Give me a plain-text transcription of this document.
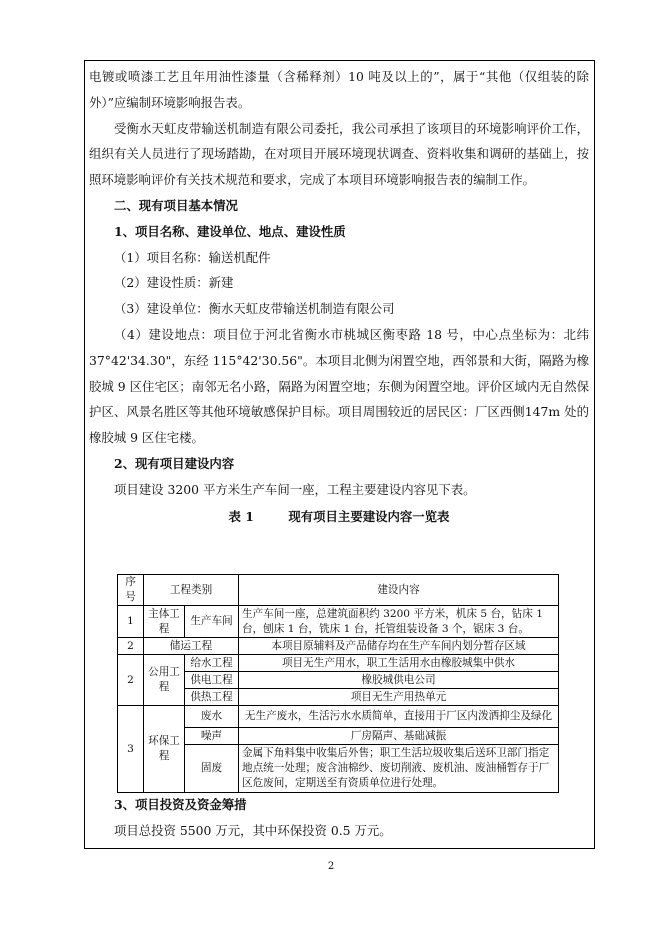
电镀或喷漆工艺且年用油性漆量（含稀释剂）10 吨及以上的”，属于“其他（仅组装的除外）”应编制环境影响报告表。

受衡水天虹皮带输送机制造有限公司委托，我公司承担了该项目的环境影响评价工作，组织有关人员进行了现场踏勘，在对项目开展环境现状调查、资料收集和调研的基础上，按照环境影响评价有关技术规范和要求，完成了本项目环境影响报告表的编制工作。

二、现有项目基本情况

1、项目名称、建设单位、地点、建设性质

（1）项目名称：输送机配件

（2）建设性质：新建

（3）建设单位：衡水天虹皮带输送机制造有限公司

（4）建设地点：项目位于河北省衡水市桃城区衡枣路 18 号，中心点坐标为：北纬37°42'34.30"，东经 115°42'30.56"。本项目北侧为闲置空地，西邻景和大街，隔路为橡胶城 9 区住宅区；南邻无名小路，隔路为闲置空地；东侧为闲置空地。评价区域内无自然保护区、风景名胜区等其他环境敏感保护目标。项目周围较近的居民区：厂区西侧147m 处的橡胶城 9 区住宅楼。

2、现有项目建设内容

项目建设 3200 平方米生产车间一座，工程主要建设内容见下表。

表 1        现有项目主要建设内容一览表
序号	工程类别		建设内容
1	主体工程	生产车间	生产车间一座，总建筑面积约 3200 平方米，机床 5 台，钻床 1 台，刨床 1 台，铣床 1 台，托管组装设备 3 个，锯床 3 台。
2	储运工程		本项目原辅料及产品储存均在生产车间内划分暂存区域
2	公用工程	给水工程	项目无生产用水，职工生活用水由橡胶城集中供水
		供电工程	橡胶城供电公司
		供热工程	项目无生产用热单元
3	环保工程	废水	无生产废水，生活污水水质简单，直接用于厂区内泼洒抑尘及绿化
		噪声	厂房隔声、基础减振
		固废	金属下角料集中收集后外售；职工生活垃圾收集后送环卫部门指定地点统一处理；废含油棉纱、废切削液、废机油、废油桶暂存于厂区危废间，定期送至有资质单位进行处理。

3、项目投资及资金筹措

项目总投资 5500 万元，其中环保投资 0.5 万元。

2
